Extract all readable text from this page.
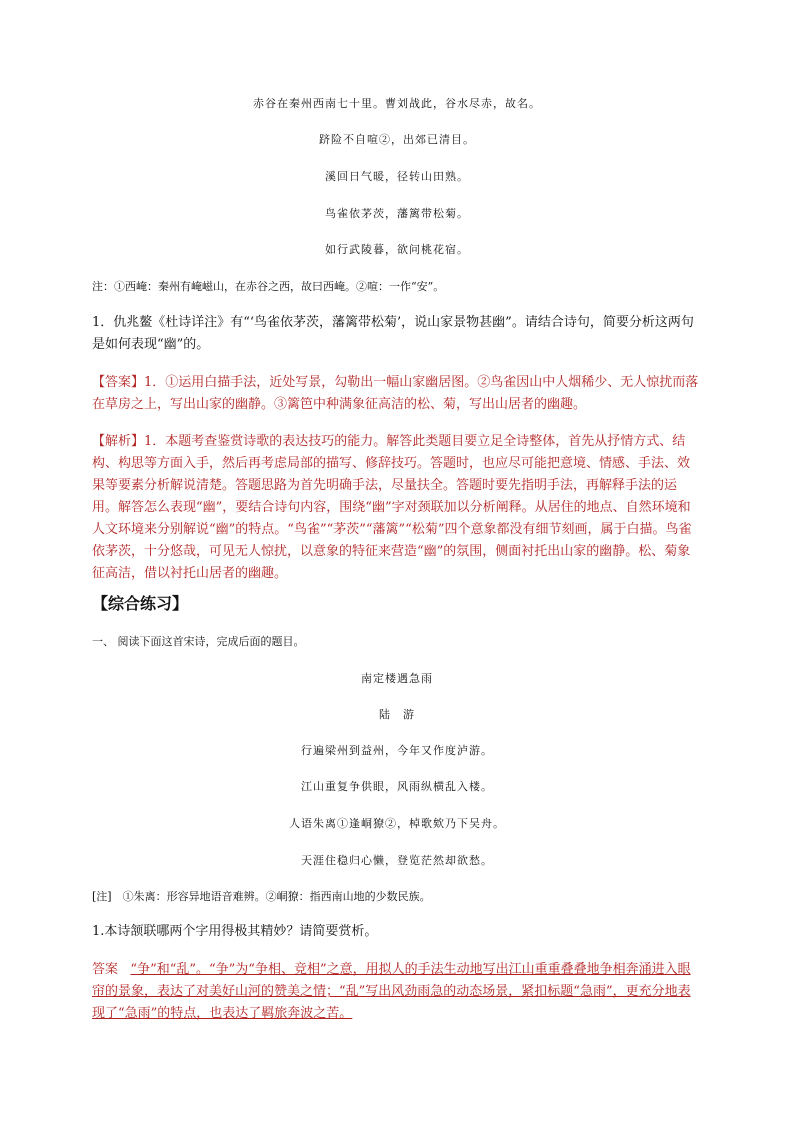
赤谷在秦州西南七十里。曹刘战此，谷水尽赤，故名。
跻险不自喧②，出郊已清目。
溪回日气暖，径转山田熟。
鸟雀依茅茨，藩篱带松菊。
如行武陵暮，欲问桃花宿。
注：①西崦：秦州有崦嵫山，在赤谷之西，故曰西崦。②喧：一作“安”。
1．仇兆鳌《杜诗详注》有“‘鸟雀依茅茨，藩篱带松菊’，说山家景物甚幽”。请结合诗句，简要分析这两句是如何表现“幽”的。
【答案】1．①运用白描手法，近处写景，勾勒出一幅山家幽居图。②鸟雀因山中人烟稀少、无人惊扰而落在草房之上，写出山家的幽静。③篱笆中种满象征高洁的松、菊，写出山居者的幽趣。
【解析】1．本题考查鉴赏诗歌的表达技巧的能力。解答此类题目要立足全诗整体，首先从抒情方式、结构、构思等方面入手，然后再考虑局部的描写、修辞技巧。答题时，也应尽可能把意境、情感、手法、效果等要素分析解说清楚。答题思路为首先明确手法，尽量扶全。答题时要先指明手法，再解释手法的运用。解答怎么表现“幽”，要结合诗句内容，围绕“幽”字对颈联加以分析阐释。从居住的地点、自然环境和人文环境来分别解说“幽”的特点。“鸟雀”“茅茨”“藩篱”“松菊”四个意象都没有细节刻画，属于白描。鸟雀依茅茨，十分悠哉，可见无人惊扰，以意象的特征来营造“幽”的氛围，侧面衬托出山家的幽静。松、菊象征高洁，借以衬托山居者的幽趣。
【综合练习】
一、 阅读下面这首宋诗，完成后面的题目。
南定楼遇急雨
陆　游
行遍梁州到益州，今年又作度泸游。
江山重复争供眼，风雨纵横乱入楼。
人语朱离①逢峒獠②，棹歌欸乃下吴舟。
天涯住稳归心懒，登览茫然却欲愁。
[注]　①朱离：形容异地语音难辨。②峒獠：指西南山地的少数民族。
1.本诗颔联哪两个字用得极其精妙？请简要赏析。
答案 “争”和“乱”。“争”为“争相、竞相”之意，用拟人的手法生动地写出江山重重叠叠地争相奔涌进入眼帘的景象，表达了对美好山河的赞美之情；“乱”写出风劲雨急的动态场景，紧扣标题“急雨”，更充分地表现了“急雨”的特点，也表达了羁旅奔波之苦。
